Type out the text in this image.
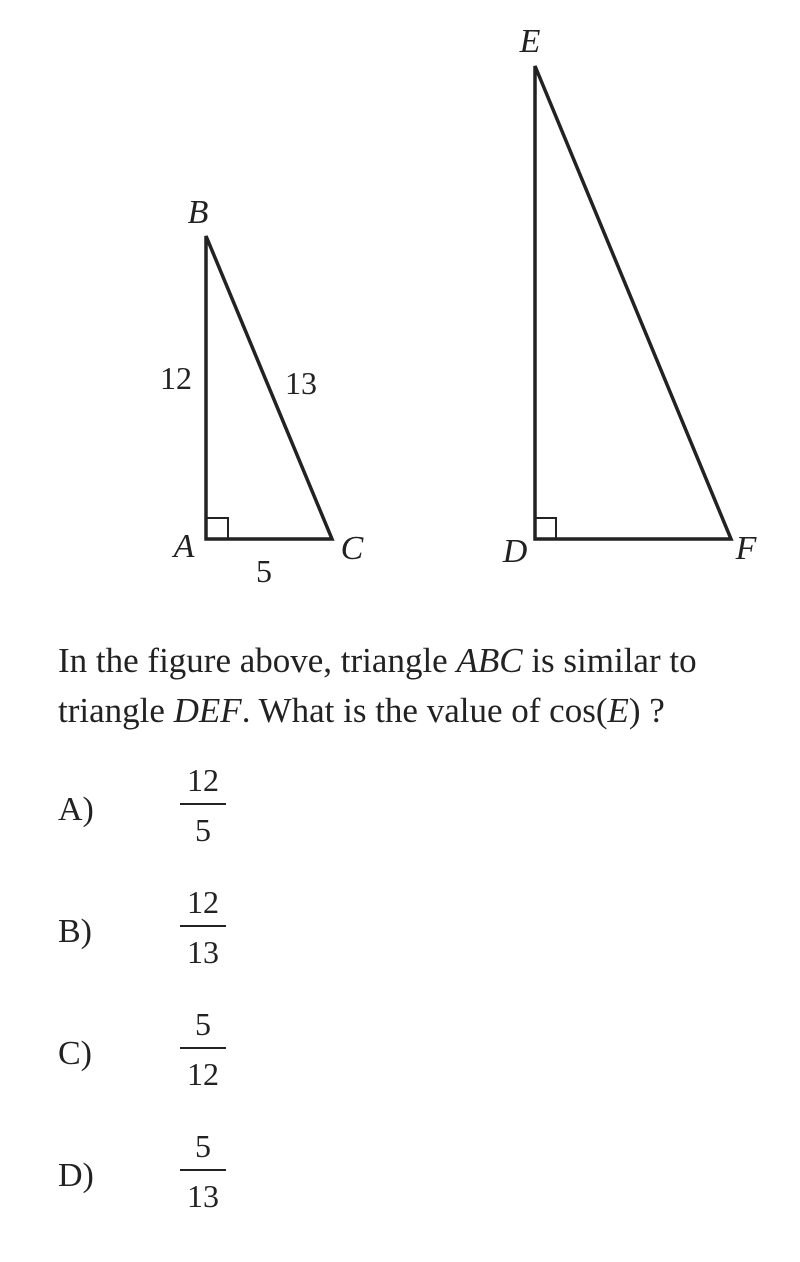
B
A	C
12	13
5
E
D	F

In the figure above, triangle ABC is similar to triangle DEF. What is the value of cos(E) ?

A)
12
5
B)
12
13
C)
5
12
D)
5
13
